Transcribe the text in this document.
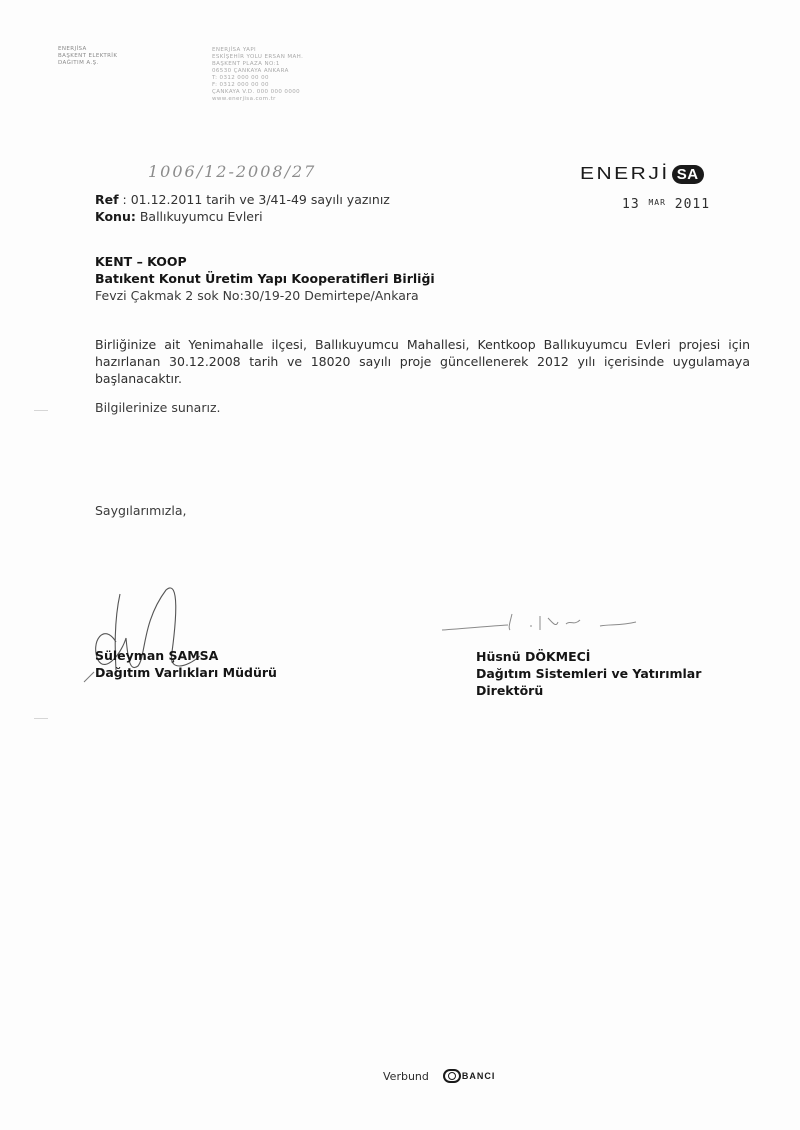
ENERJİSA
BAŞKENT ELEKTRİK
DAĞITIM A.Ş.
ENERJİSA YAPI
ESKİŞEHİR YOLU ERSAN MAH.
BAŞKENT PLAZA NO:1
06530 ÇANKAYA ANKARA
T: 0312 000 00 00
F: 0312 000 00 00
ÇANKAYA V.D. 000 000 0000
www.enerjisa.com.tr
1006/12-2008/27	ENERJİ SA
13 $^{MAR}$ 2011
Ref : 01.12.2011 tarih ve 3/41-49 sayılı yazınız
Konu: Ballıkuyumcu Evleri
KENT – KOOP
Batıkent Konut Üretim Yapı Kooperatifleri Birliği
Fevzi Çakmak 2 sok No:30/19-20 Demirtepe/Ankara
Birliğinize ait Yenimahalle ilçesi, Ballıkuyumcu Mahallesi, Kentkoop Ballıkuyumcu Evleri projesi için hazırlanan 30.12.2008 tarih ve 18020 sayılı proje güncellenerek 2012 yılı içerisinde uygulamaya başlanacaktır.
Bilgilerinize sunarız.
Saygılarımızla,
Süleyman ŞAMSA
Dağıtım Varlıkları Müdürü
Hüsnü DÖKMECİ
Dağıtım Sistemleri ve Yatırımlar
Direktörü
Verbund	BANCI
